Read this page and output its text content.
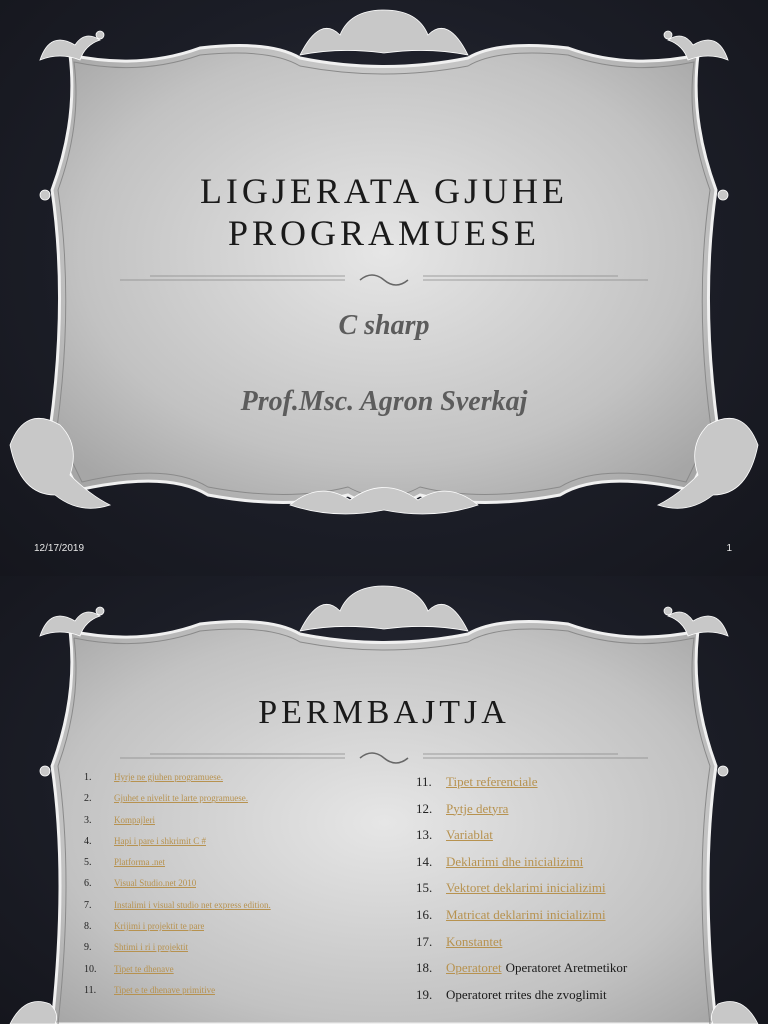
LIGJERATA GJUHE
PROGRAMUESE
C sharp
Prof.Msc. Agron Sverkaj
12/17/2019	1
PERMBAJTJA
1.	Hyrje ne gjuhen programuese.
2.	Gjuhet e nivelit te larte programuese.
3.	Kompajleri
4.	Hapi i pare i shkrimit C #
5.	Platforma .net
6.	Visual Studio.net 2010
7.	Instalimi i visual studio net express edition.
8.	Krijimi i projektit te pare
9.	Shtimi i ri i projektit
10.	Tipet te dhenave
11.	Tipet e te dhenave primitive
11.	Tipet referenciale
12.	Pytje detyra
13.	Variablat
14.	Deklarimi dhe inicializimi
15.	Vektoret deklarimi inicializimi
16.	Matricat deklarimi inicializimi
17.	Konstantet
18.	Operatoret Operatoret Aretmetikor
19.	Operatoret rrites dhe zvoglimit
